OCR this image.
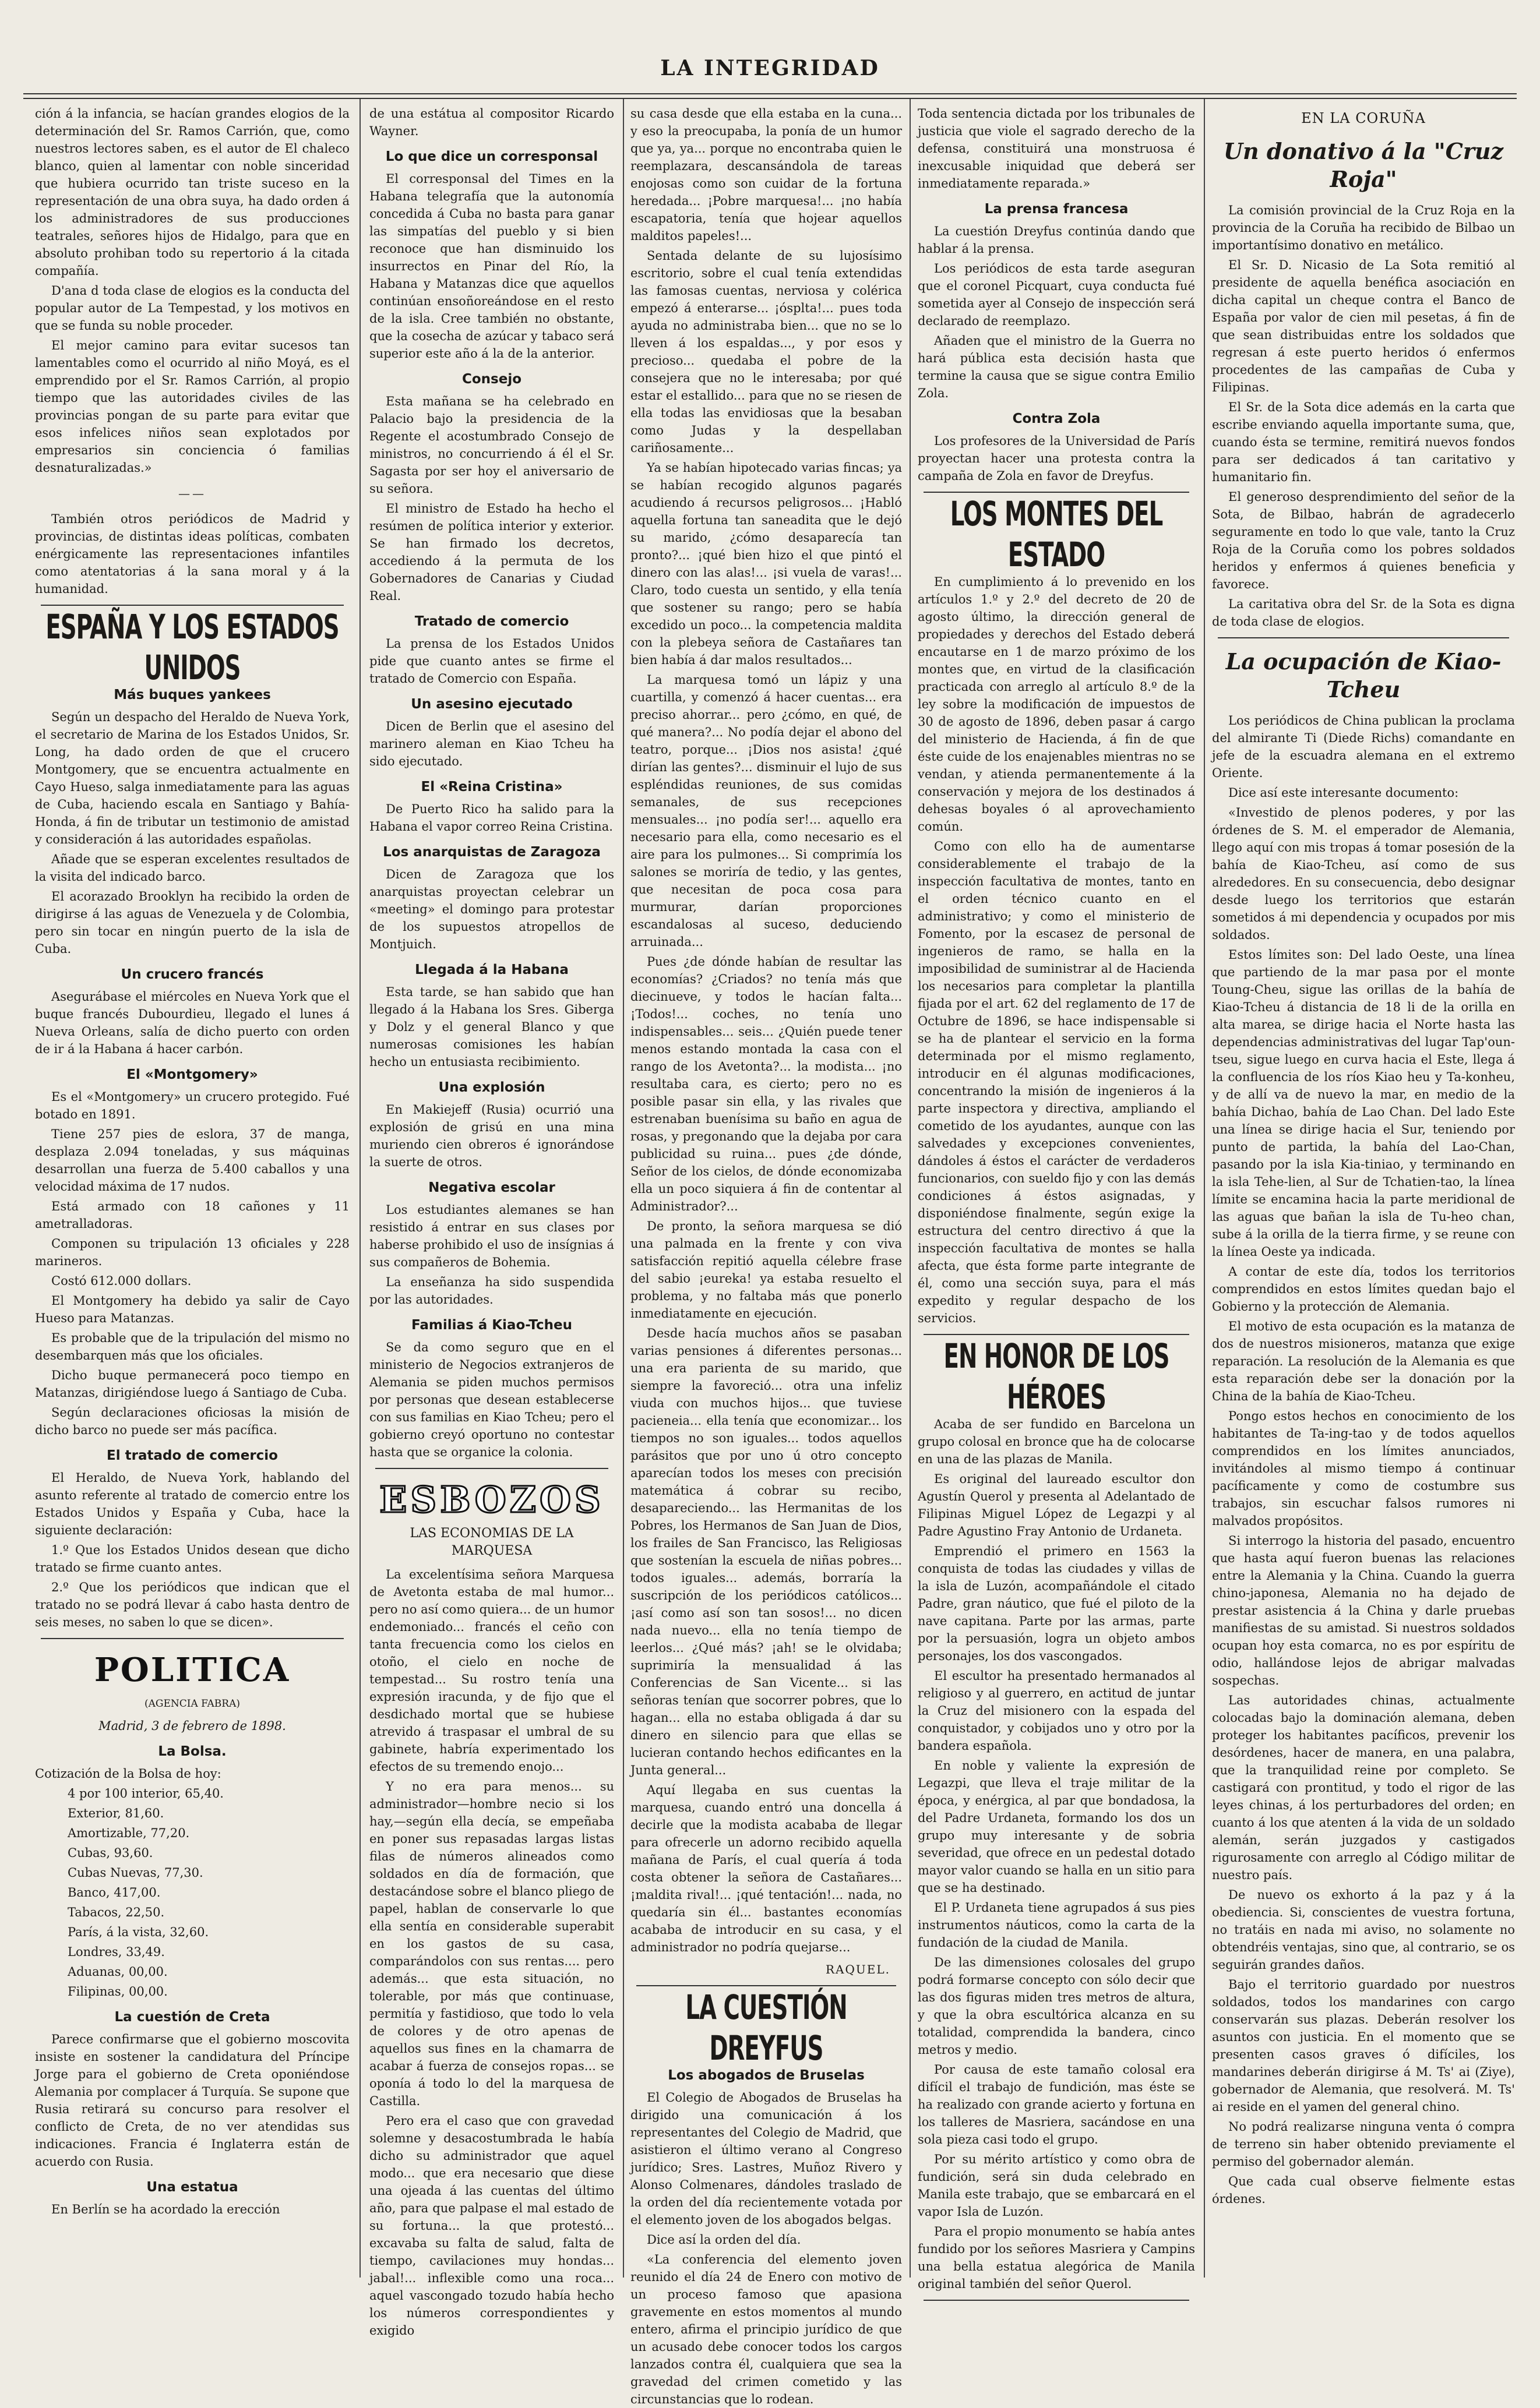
LA INTEGRIDAD

ción á la infancia, se hacían grandes elogios de la determinación del Sr. Ramos Carrión, que, como nuestros lectores saben, es el autor de El chaleco blanco, quien al lamentar con noble sinceridad que hubiera ocurrido tan triste suceso en la representación de una obra suya, ha dado orden á los administradores de sus producciones teatrales, señores hijos de Hidalgo, para que en absoluto prohiban todo su repertorio á la citada compañía.

D'ana d toda clase de elogios es la conducta del popular autor de La Tempestad, y los motivos en que se funda su noble proceder.

El mejor camino para evitar sucesos tan lamentables como el ocurrido al niño Moyá, es el emprendido por el Sr. Ramos Carrión, al propio tiempo que las autoridades civiles de las provincias pongan de su parte para evitar que esos infelices niños sean explotados por empresarios sin conciencia ó familias desnaturalizadas.»

——

También otros periódicos de Madrid y provincias, de distintas ideas políticas, combaten enérgicamente las representaciones infantiles como atentatorias á la sana moral y á la humanidad.

ESPAÑA Y LOS ESTADOS UNIDOS
Más buques yankees

Según un despacho del Heraldo de Nueva York, el secretario de Marina de los Estados Unidos, Sr. Long, ha dado orden de que el crucero Montgomery, que se encuentra actualmente en Cayo Hueso, salga inmediatamente para las aguas de Cuba, haciendo escala en Santiago y Bahía-Honda, á fin de tributar un testimonio de amistad y consideración á las autoridades españolas.

Añade que se esperan excelentes resultados de la visita del indicado barco.

El acorazado Brooklyn ha recibido la orden de dirigirse á las aguas de Venezuela y de Colombia, pero sin tocar en ningún puerto de la isla de Cuba.

Un crucero francés

Asegurábase el miércoles en Nueva York que el buque francés Dubourdieu, llegado el lunes á Nueva Orleans, salía de dicho puerto con orden de ir á la Habana á hacer carbón.

El «Montgomery»

Es el «Montgomery» un crucero protegido. Fué botado en 1891.

Tiene 257 pies de eslora, 37 de manga, desplaza 2.094 toneladas, y sus máquinas desarrollan una fuerza de 5.400 caballos y una velocidad máxima de 17 nudos.

Está armado con 18 cañones y 11 ametralladoras.

Componen su tripulación 13 oficiales y 228 marineros.

Costó 612.000 dollars.

El Montgomery ha debido ya salir de Cayo Hueso para Matanzas.

Es probable que de la tripulación del mismo no desembarquen más que los oficiales.

Dicho buque permanecerá poco tiempo en Matanzas, dirigiéndose luego á Santiago de Cuba.

Según declaraciones oficiosas la misión de dicho barco no puede ser más pacífica.

El tratado de comercio

El Heraldo, de Nueva York, hablando del asunto referente al tratado de comercio entre los Estados Unidos y España y Cuba, hace la siguiente declaración:

1.º Que los Estados Unidos desean que dicho tratado se firme cuanto antes.

2.º Que los periódicos que indican que el tratado no se podrá llevar á cabo hasta dentro de seis meses, no saben lo que se dicen».

POLITICA
(AGENCIA FABRA)
Madrid, 3 de febrero de 1898.
La Bolsa.

Cotización de la Bolsa de hoy:

4 por 100 interior, 65,40.

Exterior, 81,60.

Amortizable, 77,20.

Cubas, 93,60.

Cubas Nuevas, 77,30.

Banco, 417,00.

Tabacos, 22,50.

París, á la vista, 32,60.

Londres, 33,49.

Aduanas, 00,00.

Filipinas, 00,00.

La cuestión de Creta

Parece confirmarse que el gobierno moscovita insiste en sostener la candidatura del Príncipe Jorge para el gobierno de Creta oponiéndose Alemania por complacer á Turquía. Se supone que Rusia retirará su concurso para resolver el conflicto de Creta, de no ver atendidas sus indicaciones. Francia é Inglaterra están de acuerdo con Rusia.

Una estatua

En Berlín se ha acordado la erección

de una estátua al compositor Ricardo Wayner.

Lo que dice un corresponsal

El corresponsal del Times en la Habana telegrafía que la autonomía concedida á Cuba no basta para ganar las simpatías del pueblo y si bien reconoce que han disminuido los insurrectos en Pinar del Río, la Habana y Matanzas dice que aquellos continúan ensoñoreándose en el resto de la isla. Cree también no obstante, que la cosecha de azúcar y tabaco será superior este año á la de la anterior.

Consejo

Esta mañana se ha celebrado en Palacio bajo la presidencia de la Regente el acostumbrado Consejo de ministros, no concurriendo á él el Sr. Sagasta por ser hoy el aniversario de su señora.

El ministro de Estado ha hecho el resúmen de política interior y exterior. Se han firmado los decretos, accediendo á la permuta de los Gobernadores de Canarias y Ciudad Real.

Tratado de comercio

La prensa de los Estados Unidos pide que cuanto antes se firme el tratado de Comercio con España.

Un asesino ejecutado

Dicen de Berlin que el asesino del marinero aleman en Kiao Tcheu ha sido ejecutado.

El «Reina Cristina»

De Puerto Rico ha salido para la Habana el vapor correo Reina Cristina.

Los anarquistas de Zaragoza

Dicen de Zaragoza que los anarquistas proyectan celebrar un «meeting» el domingo para protestar de los supuestos atropellos de Montjuich.

Llegada á la Habana

Esta tarde, se han sabido que han llegado á la Habana los Sres. Giberga y Dolz y el general Blanco y que numerosas comisiones les habían hecho un entusiasta recibimiento.

Una explosión

En Makiejeff (Rusia) ocurrió una explosión de grisú en una mina muriendo cien obreros é ignorándose la suerte de otros.

Negativa escolar

Los estudiantes alemanes se han resistido á entrar en sus clases por haberse prohibido el uso de insígnias á sus compañeros de Bohemia.

La enseñanza ha sido suspendida por las autoridades.

Familias á Kiao-Tcheu

Se da como seguro que en el ministerio de Negocios extranjeros de Alemania se piden muchos permisos por personas que desean establecerse con sus familias en Kiao Tcheu; pero el gobierno creyó oportuno no contestar hasta que se organice la colonia.

ESBOZOS
LAS ECONOMIAS DE LA MARQUESA

La excelentísima señora Marquesa de Avetonta estaba de mal humor... pero no así como quiera... de un humor endemoniado... francés el ceño con tanta frecuencia como los cielos en otoño, el cielo en noche de tempestad... Su rostro tenía una expresión iracunda, y de fijo que el desdichado mortal que se hubiese atrevido á traspasar el umbral de su gabinete, habría experimentado los efectos de su tremendo enojo...

Y no era para menos... su administrador—hombre necio si los hay,—según ella decía, se empeñaba en poner sus repasadas largas listas filas de números alineados como soldados en día de formación, que destacándose sobre el blanco pliego de papel, hablan de conservarle lo que ella sentía en considerable superabit en los gastos de su casa, comparándolos con sus rentas.... pero además... que esta situación, no tolerable, por más que continuase, permitía y fastidioso, que todo lo vela de colores y de otro apenas de aquellos sus fines en la chamarra de acabar á fuerza de consejos ropas... se oponía á todo lo del la marquesa de Castilla.

Pero era el caso que con gravedad solemne y desacostumbrada le había dicho su administrador que aquel modo... que era necesario que diese una ojeada á las cuentas del último año, para que palpase el mal estado de su fortuna... la que protestó... excavaba su falta de salud, falta de tiempo, cavilaciones muy hondas... jabal!... inflexible como una roca... aquel vascongado tozudo había hecho los números correspondientes y exigido

su casa desde que ella estaba en la cuna... y eso la preocupaba, la ponía de un humor que ya, ya... porque no encontraba quien le reemplazara, descansándola de tareas enojosas como son cuidar de la fortuna heredada... ¡Pobre marquesa!... ¡no había escapatoria, tenía que hojear aquellos malditos papeles!...

Sentada delante de su lujosísimo escritorio, sobre el cual tenía extendidas las famosas cuentas, nerviosa y colérica empezó á enterarse... ¡ósplta!... pues toda ayuda no administraba bien... que no se lo lleven á los espaldas..., y por esos y precioso... quedaba el pobre de la consejera que no le interesaba; por qué estar el estallido... para que no se riesen de ella todas las envidiosas que la besaban como Judas y la despellaban cariñosamente...

Ya se habían hipotecado varias fincas; ya se habían recogido algunos pagarés acudiendo á recursos peligrosos... ¡Habló aquella fortuna tan saneadita que le dejó su marido, ¿cómo desaparecía tan pronto?... ¡qué bien hizo el que pintó el dinero con las alas!... ¡si vuela de varas!... Claro, todo cuesta un sentido, y ella tenía que sostener su rango; pero se había excedido un poco... la competencia maldita con la plebeya señora de Castañares tan bien había á dar malos resultados...

La marquesa tomó un lápiz y una cuartilla, y comenzó á hacer cuentas... era preciso ahorrar... pero ¿cómo, en qué, de qué manera?... No podía dejar el abono del teatro, porque... ¡Dios nos asista! ¿qué dirían las gentes?... disminuir el lujo de sus espléndidas reuniones, de sus comidas semanales, de sus recepciones mensuales... ¡no podía ser!... aquello era necesario para ella, como necesario es el aire para los pulmones... Si comprimía los salones se moriría de tedio, y las gentes, que necesitan de poca cosa para murmurar, darían proporciones escandalosas al suceso, deduciendo arruinada...

Pues ¿de dónde habían de resultar las economías? ¿Criados? no tenía más que diecinueve, y todos le hacían falta... ¡Todos!... coches, no tenía uno indispensables... seis... ¿Quién puede tener menos estando montada la casa con el rango de los Avetonta?... la modista... ¡no resultaba cara, es cierto; pero no es posible pasar sin ella, y las rivales que estrenaban buenísima su baño en agua de rosas, y pregonando que la dejaba por cara publicidad su ruina... pues ¿de dónde, Señor de los cielos, de dónde economizaba ella un poco siquiera á fin de contentar al Administrador?...

De pronto, la señora marquesa se dió una palmada en la frente y con viva satisfacción repitió aquella célebre frase del sabio ¡eureka! ya estaba resuelto el problema, y no faltaba más que ponerlo inmediatamente en ejecución.

Desde hacía muchos años se pasaban varias pensiones á diferentes personas... una era parienta de su marido, que siempre la favoreció... otra una infeliz viuda con muchos hijos... que tuviese pacieneia... ella tenía que economizar... los tiempos no son iguales... todos aquellos parásitos que por uno ú otro concepto aparecían todos los meses con precisión matemática á cobrar su recibo, desapareciendo... las Hermanitas de los Pobres, los Hermanos de San Juan de Dios, los frailes de San Francisco, las Religiosas que sostenían la escuela de niñas pobres... todos iguales... además, borraría la suscripción de los periódicos católicos... ¡así como así son tan sosos!... no dicen nada nuevo... ella no tenía tiempo de leerlos... ¿Qué más? ¡ah! se le olvidaba; suprimiría la mensualidad á las Conferencias de San Vicente... si las señoras tenían que socorrer pobres, que lo hagan... ella no estaba obligada á dar su dinero en silencio para que ellas se lucieran contando hechos edificantes en la Junta general...

Aquí llegaba en sus cuentas la marquesa, cuando entró una doncella á decirle que la modista acababa de llegar para ofrecerle un adorno recibido aquella mañana de París, el cual quería á toda costa obtener la señora de Castañares... ¡maldita rival!... ¡qué tentación!... nada, no quedaría sin él... bastantes economías acababa de introducir en su casa, y el administrador no podría quejarse...

RAQUEL.
LA CUESTIÓN DREYFUS
Los abogados de Bruselas

El Colegio de Abogados de Bruselas ha dirigido una comunicación á los representantes del Colegio de Madrid, que asistieron el último verano al Congreso jurídico; Sres. Lastres, Muñoz Rivero y Alonso Colmenares, dándoles traslado de la orden del día recientemente votada por el elemento joven de los abogados belgas.

Dice así la orden del día.

«La conferencia del elemento joven reunido el día 24 de Enero con motivo de un proceso famoso que apasiona gravemente en estos momentos al mundo entero, afirma el principio jurídico de que un acusado debe conocer todos los cargos lanzados contra él, cualquiera que sea la gravedad del crimen cometido y las circunstancias que lo rodean.

Toda sentencia dictada por los tribunales de justicia que viole el sagrado derecho de la defensa, constituirá una monstruosa é inexcusable iniquidad que deberá ser inmediatamente reparada.»

La prensa francesa

La cuestión Dreyfus continúa dando que hablar á la prensa.

Los periódicos de esta tarde aseguran que el coronel Picquart, cuya conducta fué sometida ayer al Consejo de inspección será declarado de reemplazo.

Añaden que el ministro de la Guerra no hará pública esta decisión hasta que termine la causa que se sigue contra Emilio Zola.

Contra Zola

Los profesores de la Universidad de París proyectan hacer una protesta contra la campaña de Zola en favor de Dreyfus.

LOS MONTES DEL ESTADO

En cumplimiento á lo prevenido en los artículos 1.º y 2.º del decreto de 20 de agosto último, la dirección general de propiedades y derechos del Estado deberá encautarse en 1 de marzo próximo de los montes que, en virtud de la clasificación practicada con arreglo al artículo 8.º de la ley sobre la modificación de impuestos de 30 de agosto de 1896, deben pasar á cargo del ministerio de Hacienda, á fin de que éste cuide de los enajenables mientras no se vendan, y atienda permanentemente á la conservación y mejora de los destinados á dehesas boyales ó al aprovechamiento común.

Como con ello ha de aumentarse considerablemente el trabajo de la inspección facultativa de montes, tanto en el orden técnico cuanto en el administrativo; y como el ministerio de Fomento, por la escasez de personal de ingenieros de ramo, se halla en la imposibilidad de suministrar al de Hacienda los necesarios para completar la plantilla fijada por el art. 62 del reglamento de 17 de Octubre de 1896, se hace indispensable si se ha de plantear el servicio en la forma determinada por el mismo reglamento, introducir en él algunas modificaciones, concentrando la misión de ingenieros á la parte inspectora y directiva, ampliando el cometido de los ayudantes, aunque con las salvedades y excepciones convenientes, dándoles á éstos el carácter de verdaderos funcionarios, con sueldo fijo y con las demás condiciones á éstos asignadas, y disponiéndose finalmente, según exige la estructura del centro directivo á que la inspección facultativa de montes se halla afecta, que ésta forme parte integrante de él, como una sección suya, para el más expedito y regular despacho de los servicios.

EN HONOR DE LOS HÉROES

Acaba de ser fundido en Barcelona un grupo colosal en bronce que ha de colocarse en una de las plazas de Manila.

Es original del laureado escultor don Agustín Querol y presenta al Adelantado de Filipinas Miguel López de Legazpi y al Padre Agustino Fray Antonio de Urdaneta.

Emprendió el primero en 1563 la conquista de todas las ciudades y villas de la isla de Luzón, acompañándole el citado Padre, gran náutico, que fué el piloto de la nave capitana. Parte por las armas, parte por la persuasión, logra un objeto ambos personajes, los dos vascongados.

El escultor ha presentado hermanados al religioso y al guerrero, en actitud de juntar la Cruz del misionero con la espada del conquistador, y cobijados uno y otro por la bandera española.

En noble y valiente la expresión de Legazpi, que lleva el traje militar de la época, y enérgica, al par que bondadosa, la del Padre Urdaneta, formando los dos un grupo muy interesante y de sobria severidad, que ofrece en un pedestal dotado mayor valor cuando se halla en un sitio para que se ha destinado.

El P. Urdaneta tiene agrupados á sus pies instrumentos náuticos, como la carta de la fundación de la ciudad de Manila.

De las dimensiones colosales del grupo podrá formarse concepto con sólo decir que las dos figuras miden tres metros de altura, y que la obra escultórica alcanza en su totalidad, comprendida la bandera, cinco metros y medio.

Por causa de este tamaño colosal era difícil el trabajo de fundición, mas éste se ha realizado con grande acierto y fortuna en los talleres de Masriera, sacándose en una sola pieza casi todo el grupo.

Por su mérito artístico y como obra de fundición, será sin duda celebrado en Manila este trabajo, que se embarcará en el vapor Isla de Luzón.

Para el propio monumento se había antes fundido por los señores Masriera y Campins una bella estatua alegórica de Manila original también del señor Querol.

EN LA CORUÑA
Un donativo á la "Cruz Roja"

La comisión provincial de la Cruz Roja en la provincia de la Coruña ha recibido de Bilbao un importantísimo donativo en metálico.

El Sr. D. Nicasio de La Sota remitió al presidente de aquella benéfica asociación en dicha capital un cheque contra el Banco de España por valor de cien mil pesetas, á fin de que sean distribuidas entre los soldados que regresan á este puerto heridos ó enfermos procedentes de las campañas de Cuba y Filipinas.

El Sr. de la Sota dice además en la carta que escribe enviando aquella importante suma, que, cuando ésta se termine, remitirá nuevos fondos para ser dedicados á tan caritativo y humanitario fin.

El generoso desprendimiento del señor de la Sota, de Bilbao, habrán de agradecerlo seguramente en todo lo que vale, tanto la Cruz Roja de la Coruña como los pobres soldados heridos y enfermos á quienes beneficia y favorece.

La caritativa obra del Sr. de la Sota es digna de toda clase de elogios.

La ocupación de Kiao-Tcheu

Los periódicos de China publican la proclama del almirante Ti (Diede Richs) comandante en jefe de la escuadra alemana en el extremo Oriente.

Dice así este interesante documento:

«Investido de plenos poderes, y por las órdenes de S. M. el emperador de Alemania, llego aquí con mis tropas á tomar posesión de la bahía de Kiao-Tcheu, así como de sus alrededores. En su consecuencia, debo designar desde luego los territorios que estarán sometidos á mi dependencia y ocupados por mis soldados.

Estos límites son: Del lado Oeste, una línea que partiendo de la mar pasa por el monte Toung-Cheu, sigue las orillas de la bahía de Kiao-Tcheu á distancia de 18 li de la orilla en alta marea, se dirige hacia el Norte hasta las dependencias administrativas del lugar Tap'oun-tseu, sigue luego en curva hacia el Este, llega á la confluencia de los ríos Kiao heu y Ta-konheu, y de allí va de nuevo la mar, en medio de la bahía Dichao, bahía de Lao Chan. Del lado Este una línea se dirige hacia el Sur, teniendo por punto de partida, la bahía del Lao-Chan, pasando por la isla Kia-tiniao, y terminando en la isla Tehe-lien, al Sur de Tchatien-tao, la línea límite se encamina hacia la parte meridional de las aguas que bañan la isla de Tu-heo chan, sube á la orilla de la tierra firme, y se reune con la línea Oeste ya indicada.

A contar de este día, todos los territorios comprendidos en estos límites quedan bajo el Gobierno y la protección de Alemania.

El motivo de esta ocupación es la matanza de dos de nuestros misioneros, matanza que exige reparación. La resolución de la Alemania es que esta reparación debe ser la donación por la China de la bahía de Kiao-Tcheu.

Pongo estos hechos en conocimiento de los habitantes de Ta-ing-tao y de todos aquellos comprendidos en los límites anunciados, invitándoles al mismo tiempo á continuar pacíficamente y como de costumbre sus trabajos, sin escuchar falsos rumores ni malvados propósitos.

Si interrogo la historia del pasado, encuentro que hasta aquí fueron buenas las relaciones entre la Alemania y la China. Cuando la guerra chino-japonesa, Alemania no ha dejado de prestar asistencia á la China y darle pruebas manifiestas de su amistad. Si nuestros soldados ocupan hoy esta comarca, no es por espíritu de odio, hallándose lejos de abrigar malvadas sospechas.

Las autoridades chinas, actualmente colocadas bajo la dominación alemana, deben proteger los habitantes pacíficos, prevenir los desórdenes, hacer de manera, en una palabra, que la tranquilidad reine por completo. Se castigará con prontitud, y todo el rigor de las leyes chinas, á los perturbadores del orden; en cuanto á los que atenten á la vida de un soldado alemán, serán juzgados y castigados rigurosamente con arreglo al Código militar de nuestro país.

De nuevo os exhorto á la paz y á la obediencia. Si, conscientes de vuestra fortuna, no tratáis en nada mi aviso, no solamente no obtendréis ventajas, sino que, al contrario, se os seguirán grandes daños.

Bajo el territorio guardado por nuestros soldados, todos los mandarines con cargo conservarán sus plazas. Deberán resolver los asuntos con justicia. En el momento que se presenten casos graves ó difíciles, los mandarines deberán dirigirse á M. Ts' ai (Ziye), gobernador de Alemania, que resolverá. M. Ts' ai reside en el yamen del general chino.

No podrá realizarse ninguna venta ó compra de terreno sin haber obtenido previamente el permiso del gobernador alemán.

Que cada cual observe fielmente estas órdenes.
